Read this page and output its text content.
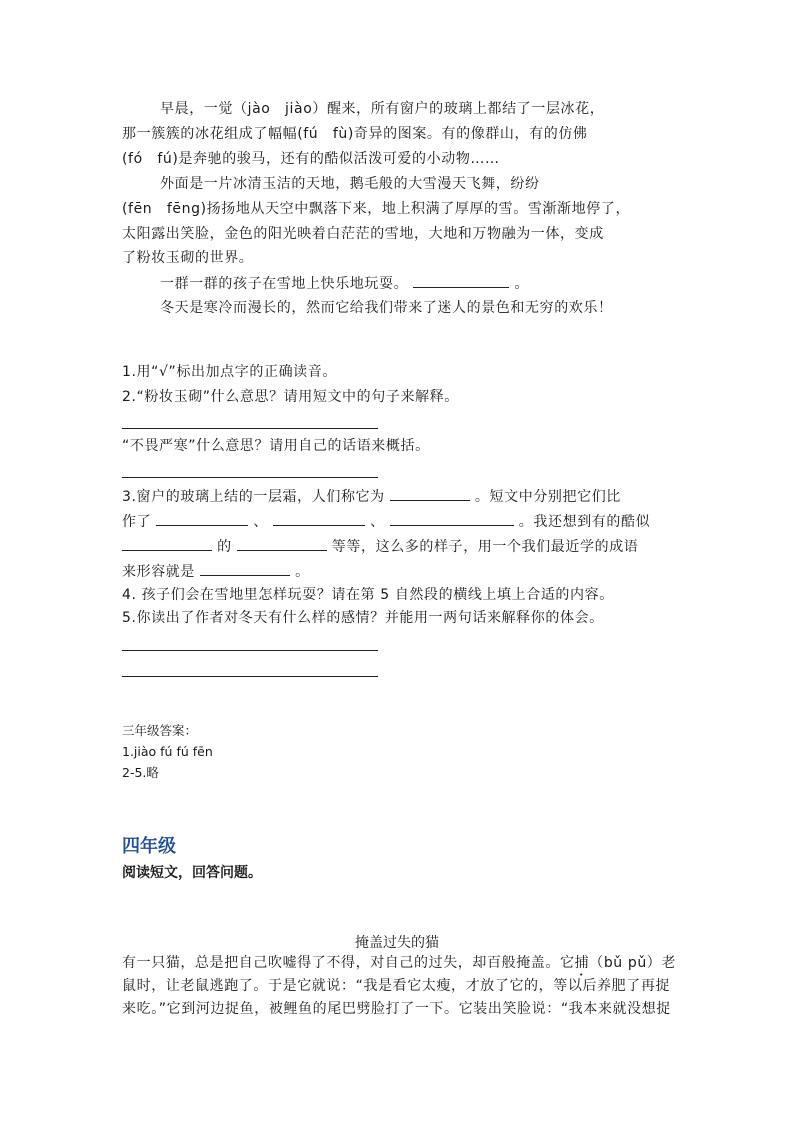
早晨，一觉（jào　jiào）醒来，所有窗户的玻璃上都结了一层冰花，
那一簇簇的冰花组成了幅幅(fú　fù)奇异的图案。有的像群山，有的仿佛
(fó　fú)是奔驰的骏马，还有的酷似活泼可爱的小动物……
外面是一片冰清玉洁的天地，鹅毛般的大雪漫天飞舞，纷纷
(fēn　fēng)扬扬地从天空中飘落下来，地上积满了厚厚的雪。雪渐渐地停了，
太阳露出笑脸，金色的阳光映着白茫茫的雪地，大地和万物融为一体，变成
了粉妆玉砌的世界。
一群一群的孩子在雪地上快乐地玩耍。	。
冬天是寒冷而漫长的，然而它给我们带来了迷人的景色和无穷的欢乐！
1.用“√”标出加点字的正确读音。
2.“粉妆玉砌”什么意思？请用短文中的句子来解释。
“不畏严寒”什么意思？请用自己的话语来概括。
3.窗户的玻璃上结的一层霜，人们称它为	。短文中分别把它们比
作了	、	、	。我还想到有的酷似
的	等等，这么多的样子，用一个我们最近学的成语
来形容就是	。
4. 孩子们会在雪地里怎样玩耍？请在第 5 自然段的横线上填上合适的内容。
5.你读出了作者对冬天有什么样的感情？并能用一两句话来解释你的体会。
三年级答案：
1.jiào fú fú fēn
2-5.略
四年级
阅读短文，回答问题。
掩盖过失的猫
有一只猫，总是把自己吹嘘得了不得，对自己的过失，却百般掩盖。它捕（bǔ pǔ）老
鼠时，让老鼠逃跑了。于是它就说：“我是看它太瘦，才放了它的，等以后养肥了再捉
来吃。”它到河边捉鱼，被鲤鱼的尾巴劈脸打了一下。它装出笑脸说：“我本来就没想捉
